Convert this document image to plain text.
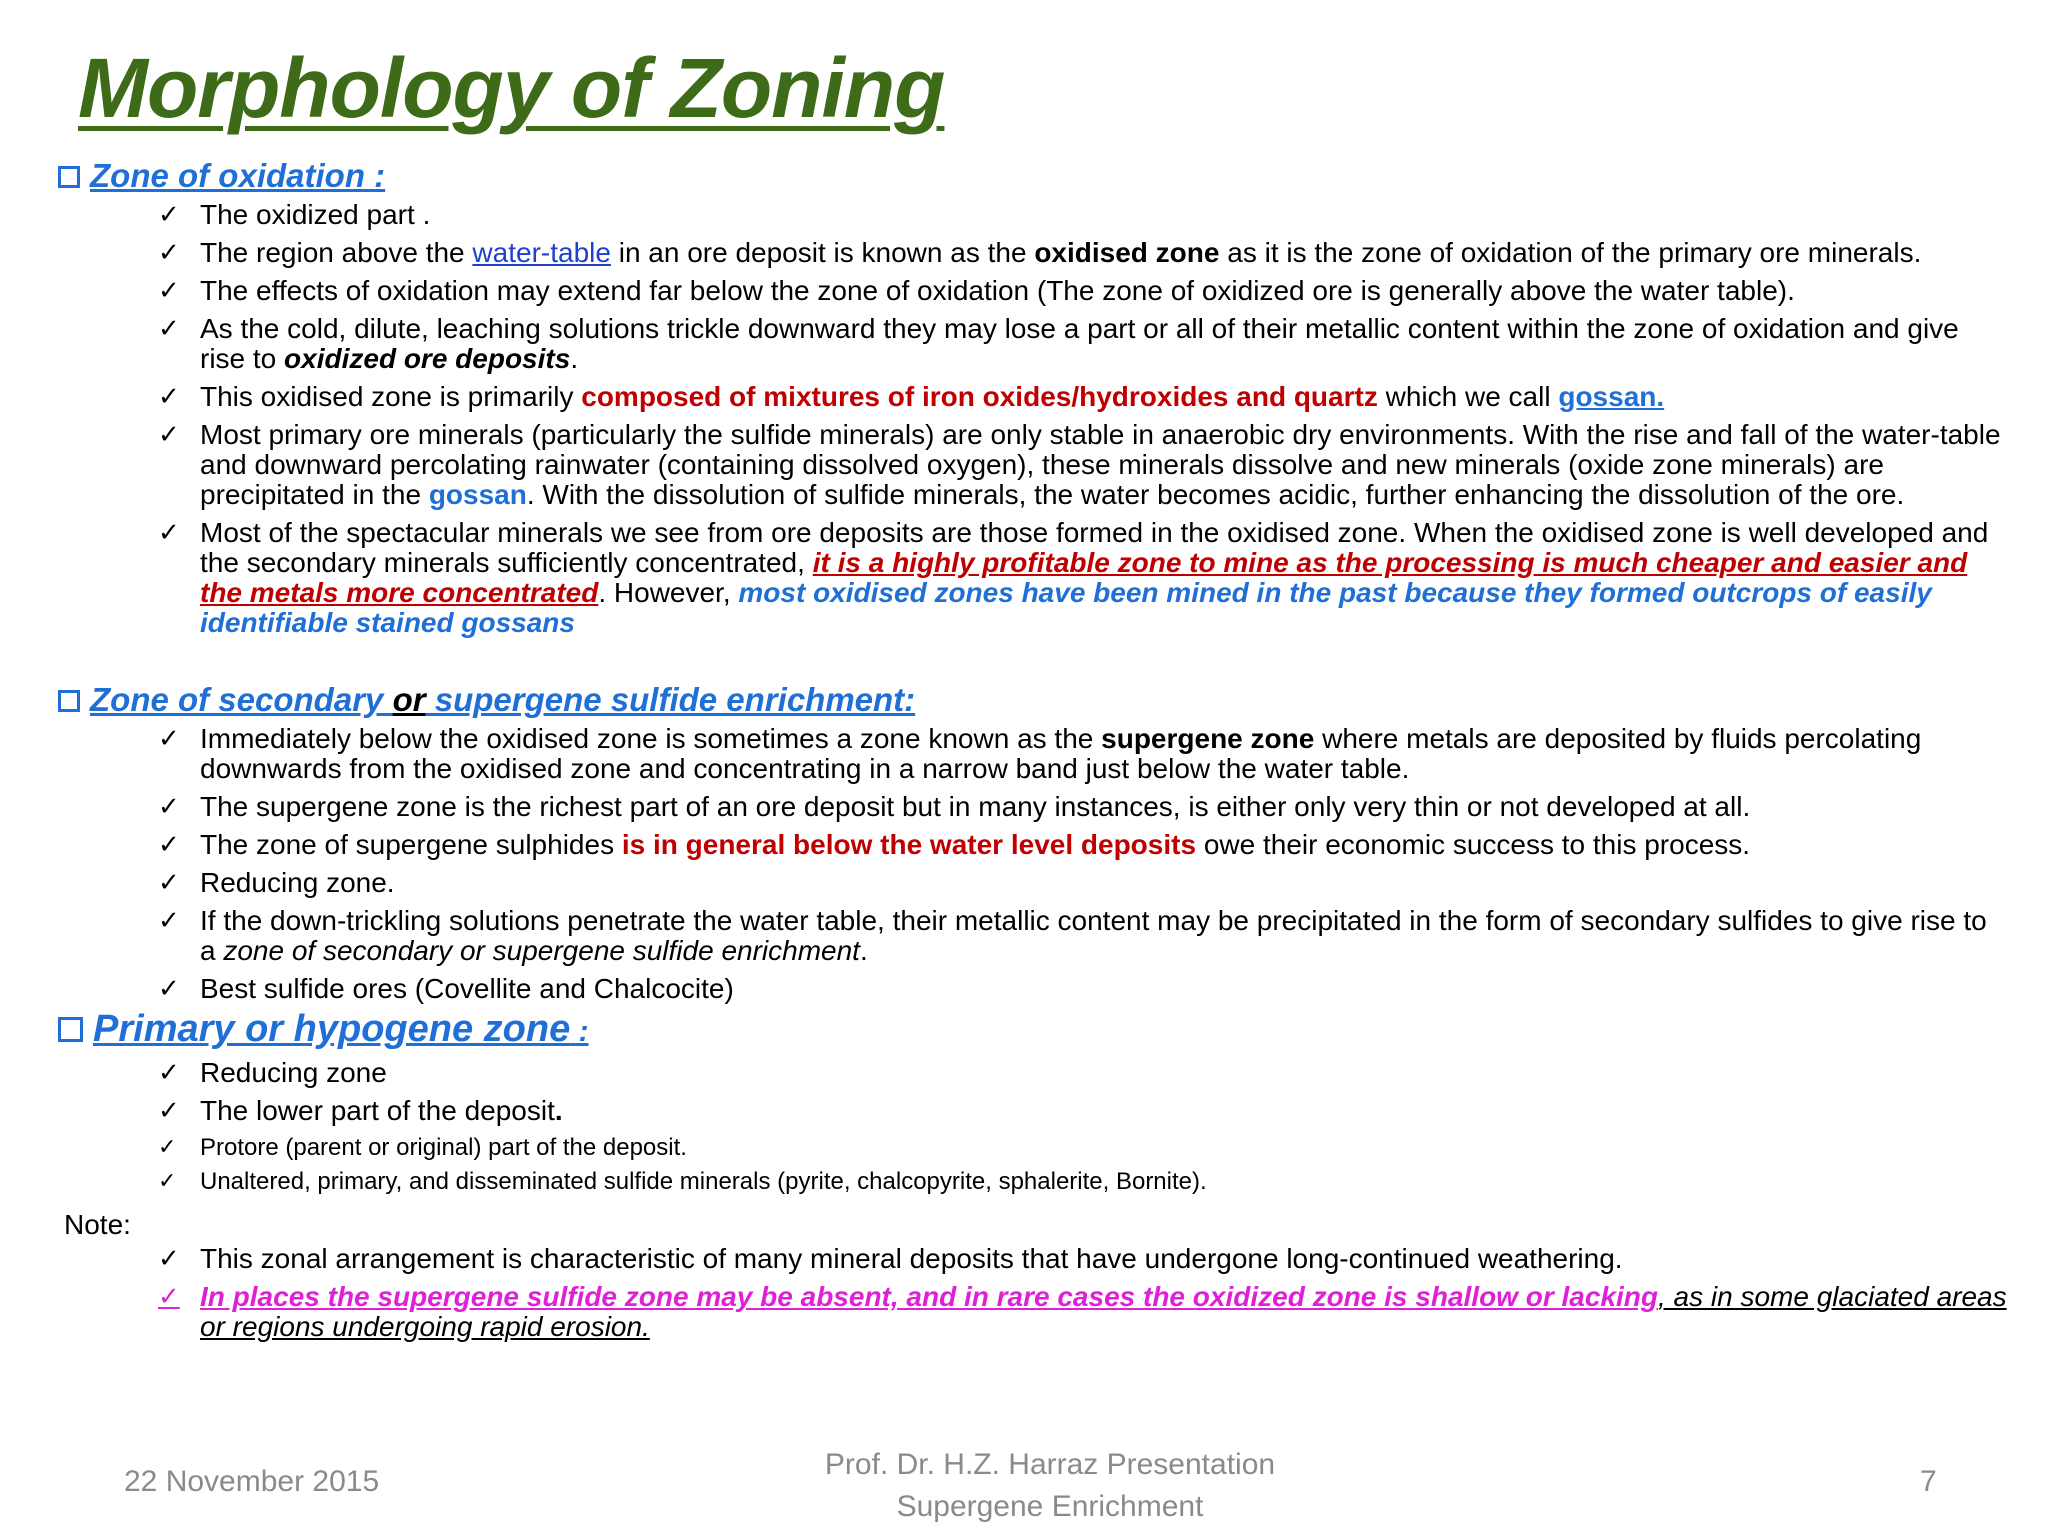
Morphology of Zoning
Zone of oxidation :
✓ The oxidized part .
✓ The region above the water-table in an ore deposit is known as the oxidised zone as it is the zone of oxidation of the primary ore minerals.
✓ The effects of oxidation may extend far below the zone of oxidation (The zone of oxidized ore is generally above the water table).
✓ As the cold, dilute, leaching solutions trickle downward they may lose a part or all of their metallic content within the zone of oxidation and give rise to oxidized ore deposits.
✓ This oxidised zone is primarily composed of mixtures of iron oxides/hydroxides and quartz which we call gossan.
✓ Most primary ore minerals (particularly the sulfide minerals) are only stable in anaerobic dry environments. With the rise and fall of the water-table and downward percolating rainwater (containing dissolved oxygen), these minerals dissolve and new minerals (oxide zone minerals) are precipitated in the gossan. With the dissolution of sulfide minerals, the water becomes acidic, further enhancing the dissolution of the ore.
✓ Most of the spectacular minerals we see from ore deposits are those formed in the oxidised zone. When the oxidised zone is well developed and the secondary minerals sufficiently concentrated, it is a highly profitable zone to mine as the processing is much cheaper and easier and the metals more concentrated. However, most oxidised zones have been mined in the past because they formed outcrops of easily identifiable stained gossans
Zone of secondary or supergene sulfide enrichment:
✓ Immediately below the oxidised zone is sometimes a zone known as the supergene zone where metals are deposited by fluids percolating downwards from the oxidised zone and concentrating in a narrow band just below the water table.
✓ The supergene zone is the richest part of an ore deposit but in many instances, is either only very thin or not developed at all.
✓ The zone of supergene sulphides is in general below the water level deposits owe their economic success to this process.
✓ Reducing zone.
✓ If the down-trickling solutions penetrate the water table, their metallic content may be precipitated in the form of secondary sulfides to give rise to a zone of secondary or supergene sulfide enrichment.
✓ Best sulfide ores (Covellite and Chalcocite)
Primary or hypogene zone :
✓ Reducing zone
✓ The lower part of the deposit.
✓ Protore (parent or original) part of the deposit.
✓ Unaltered, primary, and disseminated sulfide minerals (pyrite, chalcopyrite, sphalerite, Bornite).
Note:
✓ This zonal arrangement is characteristic of many mineral deposits that have undergone long-continued weathering.
✓ In places the supergene sulfide zone may be absent, and in rare cases the oxidized zone is shallow or lacking, as in some glaciated areas or regions undergoing rapid erosion.
22 November 2015
Prof. Dr. H.Z. Harraz Presentation
Supergene Enrichment
7
